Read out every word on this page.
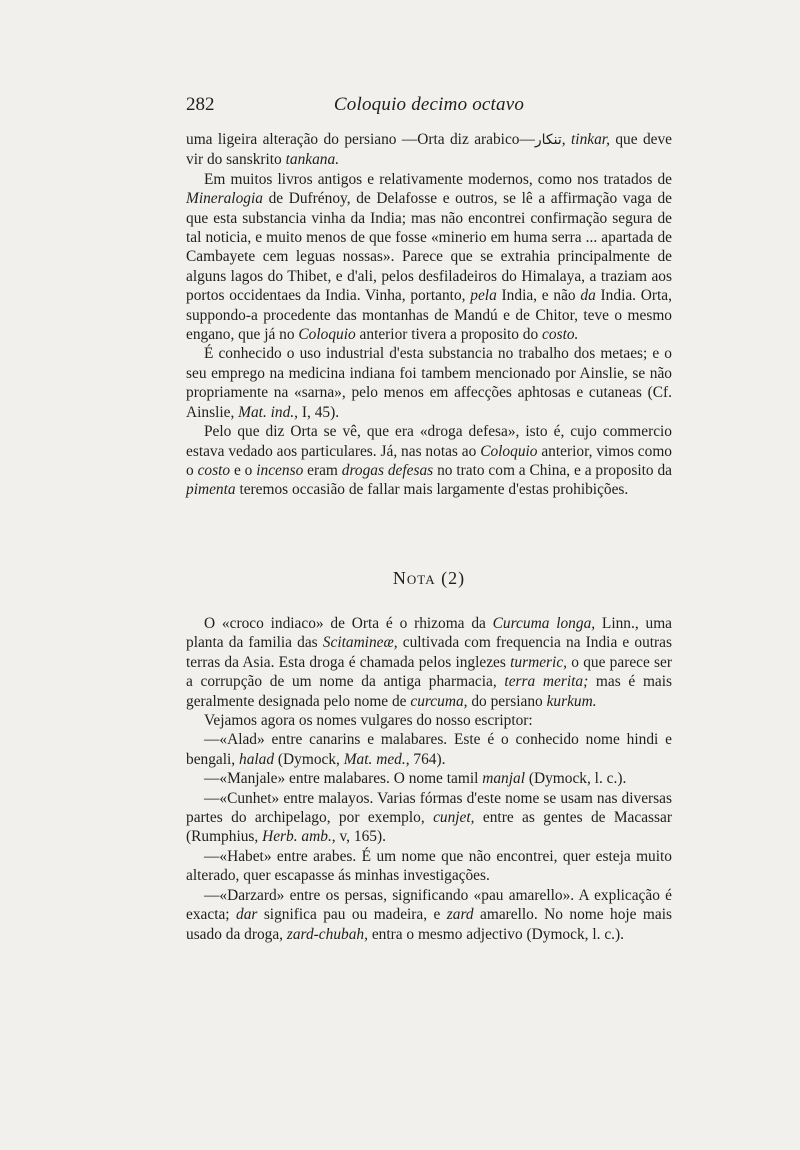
282	Coloquio decimo octavo

uma ligeira alteração do persiano —Orta diz arabico—تنكار, tinkar, que deve vir do sanskrito tankana.

Em muitos livros antigos e relativamente modernos, como nos tratados de Mineralogia de Dufrénoy, de Delafosse e outros, se lê a affirmação vaga de que esta substancia vinha da India; mas não encontrei confirmação segura de tal noticia, e muito menos de que fosse «minerio em huma serra ... apartada de Cambayete cem leguas nossas». Parece que se extrahia principalmente de alguns lagos do Thibet, e d'ali, pelos desfiladeiros do Himalaya, a traziam aos portos occidentaes da India. Vinha, portanto, pela India, e não da India. Orta, suppondo-a procedente das montanhas de Mandú e de Chitor, teve o mesmo engano, que já no Coloquio anterior tivera a proposito do costo.

É conhecido o uso industrial d'esta substancia no trabalho dos metaes; e o seu emprego na medicina indiana foi tambem mencionado por Ainslie, se não propriamente na «sarna», pelo menos em affecções aphtosas e cutaneas (Cf. Ainslie, Mat. ind., I, 45).

Pelo que diz Orta se vê, que era «droga defesa», isto é, cujo commercio estava vedado aos particulares. Já, nas notas ao Coloquio anterior, vimos como o costo e o incenso eram drogas defesas no trato com a China, e a proposito da pimenta teremos occasião de fallar mais largamente d'estas prohibições.

Nota (2)

O «croco indiaco» de Orta é o rhizoma da Curcuma longa, Linn., uma planta da familia das Scitamineæ, cultivada com frequencia na India e outras terras da Asia. Esta droga é chamada pelos inglezes turmeric, o que parece ser a corrupção de um nome da antiga pharmacia, terra merita; mas é mais geralmente designada pelo nome de curcuma, do persiano kurkum.

Vejamos agora os nomes vulgares do nosso escriptor:

—«Alad» entre canarins e malabares. Este é o conhecido nome hindi e bengali, halad (Dymock, Mat. med., 764).

—«Manjale» entre malabares. O nome tamil manjal (Dymock, l. c.).

—«Cunhet» entre malayos. Varias fórmas d'este nome se usam nas diversas partes do archipelago, por exemplo, cunjet, entre as gentes de Macassar (Rumphius, Herb. amb., v, 165).

—«Habet» entre arabes. É um nome que não encontrei, quer esteja muito alterado, quer escapasse ás minhas investigações.

—«Darzard» entre os persas, significando «pau amarello». A explicação é exacta; dar significa pau ou madeira, e zard amarello. No nome hoje mais usado da droga, zard-chubah, entra o mesmo adjectivo (Dymock, l. c.).
